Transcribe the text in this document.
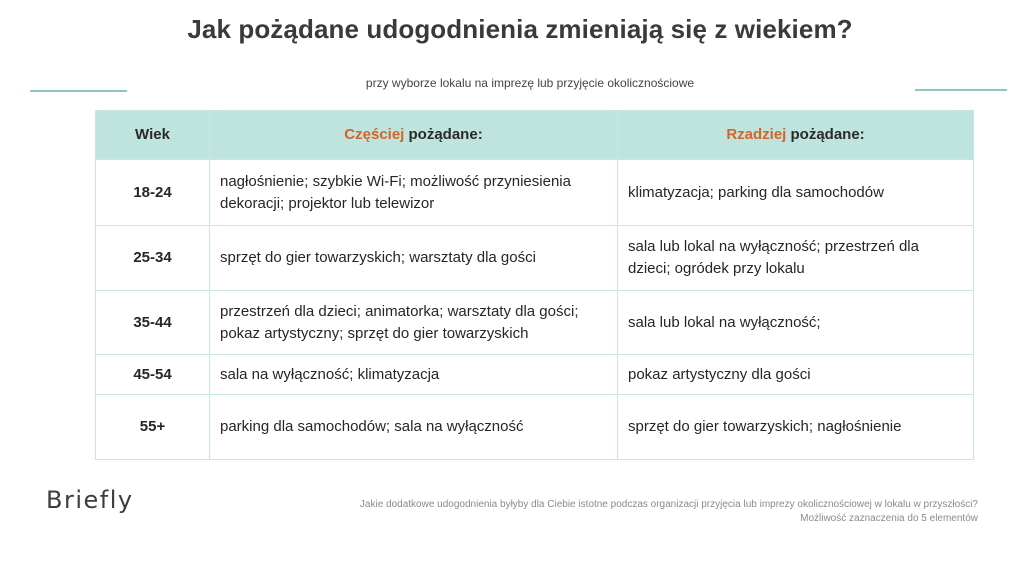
Jak pożądane udogodnienia zmieniają się z wiekiem?
przy wyborze lokalu na imprezę lub przyjęcie okolicznościowe
Wiek	Częściej pożądane:	Rzadziej pożądane:
18-24	nagłośnienie; szybkie Wi-Fi; możliwość przyniesienia dekoracji; projektor lub telewizor	klimatyzacja; parking dla samochodów
25-34	sprzęt do gier towarzyskich; warsztaty dla gości	sala lub lokal na wyłączność; przestrzeń dla dzieci; ogródek przy lokalu
35-44	przestrzeń dla dzieci; animatorka; warsztaty dla gości; pokaz artystyczny; sprzęt do gier towarzyskich	sala lub lokal na wyłączność;
45-54	sala na wyłączność; klimatyzacja	pokaz artystyczny dla gości
55+	parking dla samochodów; sala na wyłączność	sprzęt do gier towarzyskich; nagłośnienie
Briefly	Jakie dodatkowe udogodnienia byłyby dla Ciebie istotne podczas organizacji przyjęcia lub imprezy okolicznościowej w lokalu w przyszłości?
Możliwość zaznaczenia do 5 elementów
